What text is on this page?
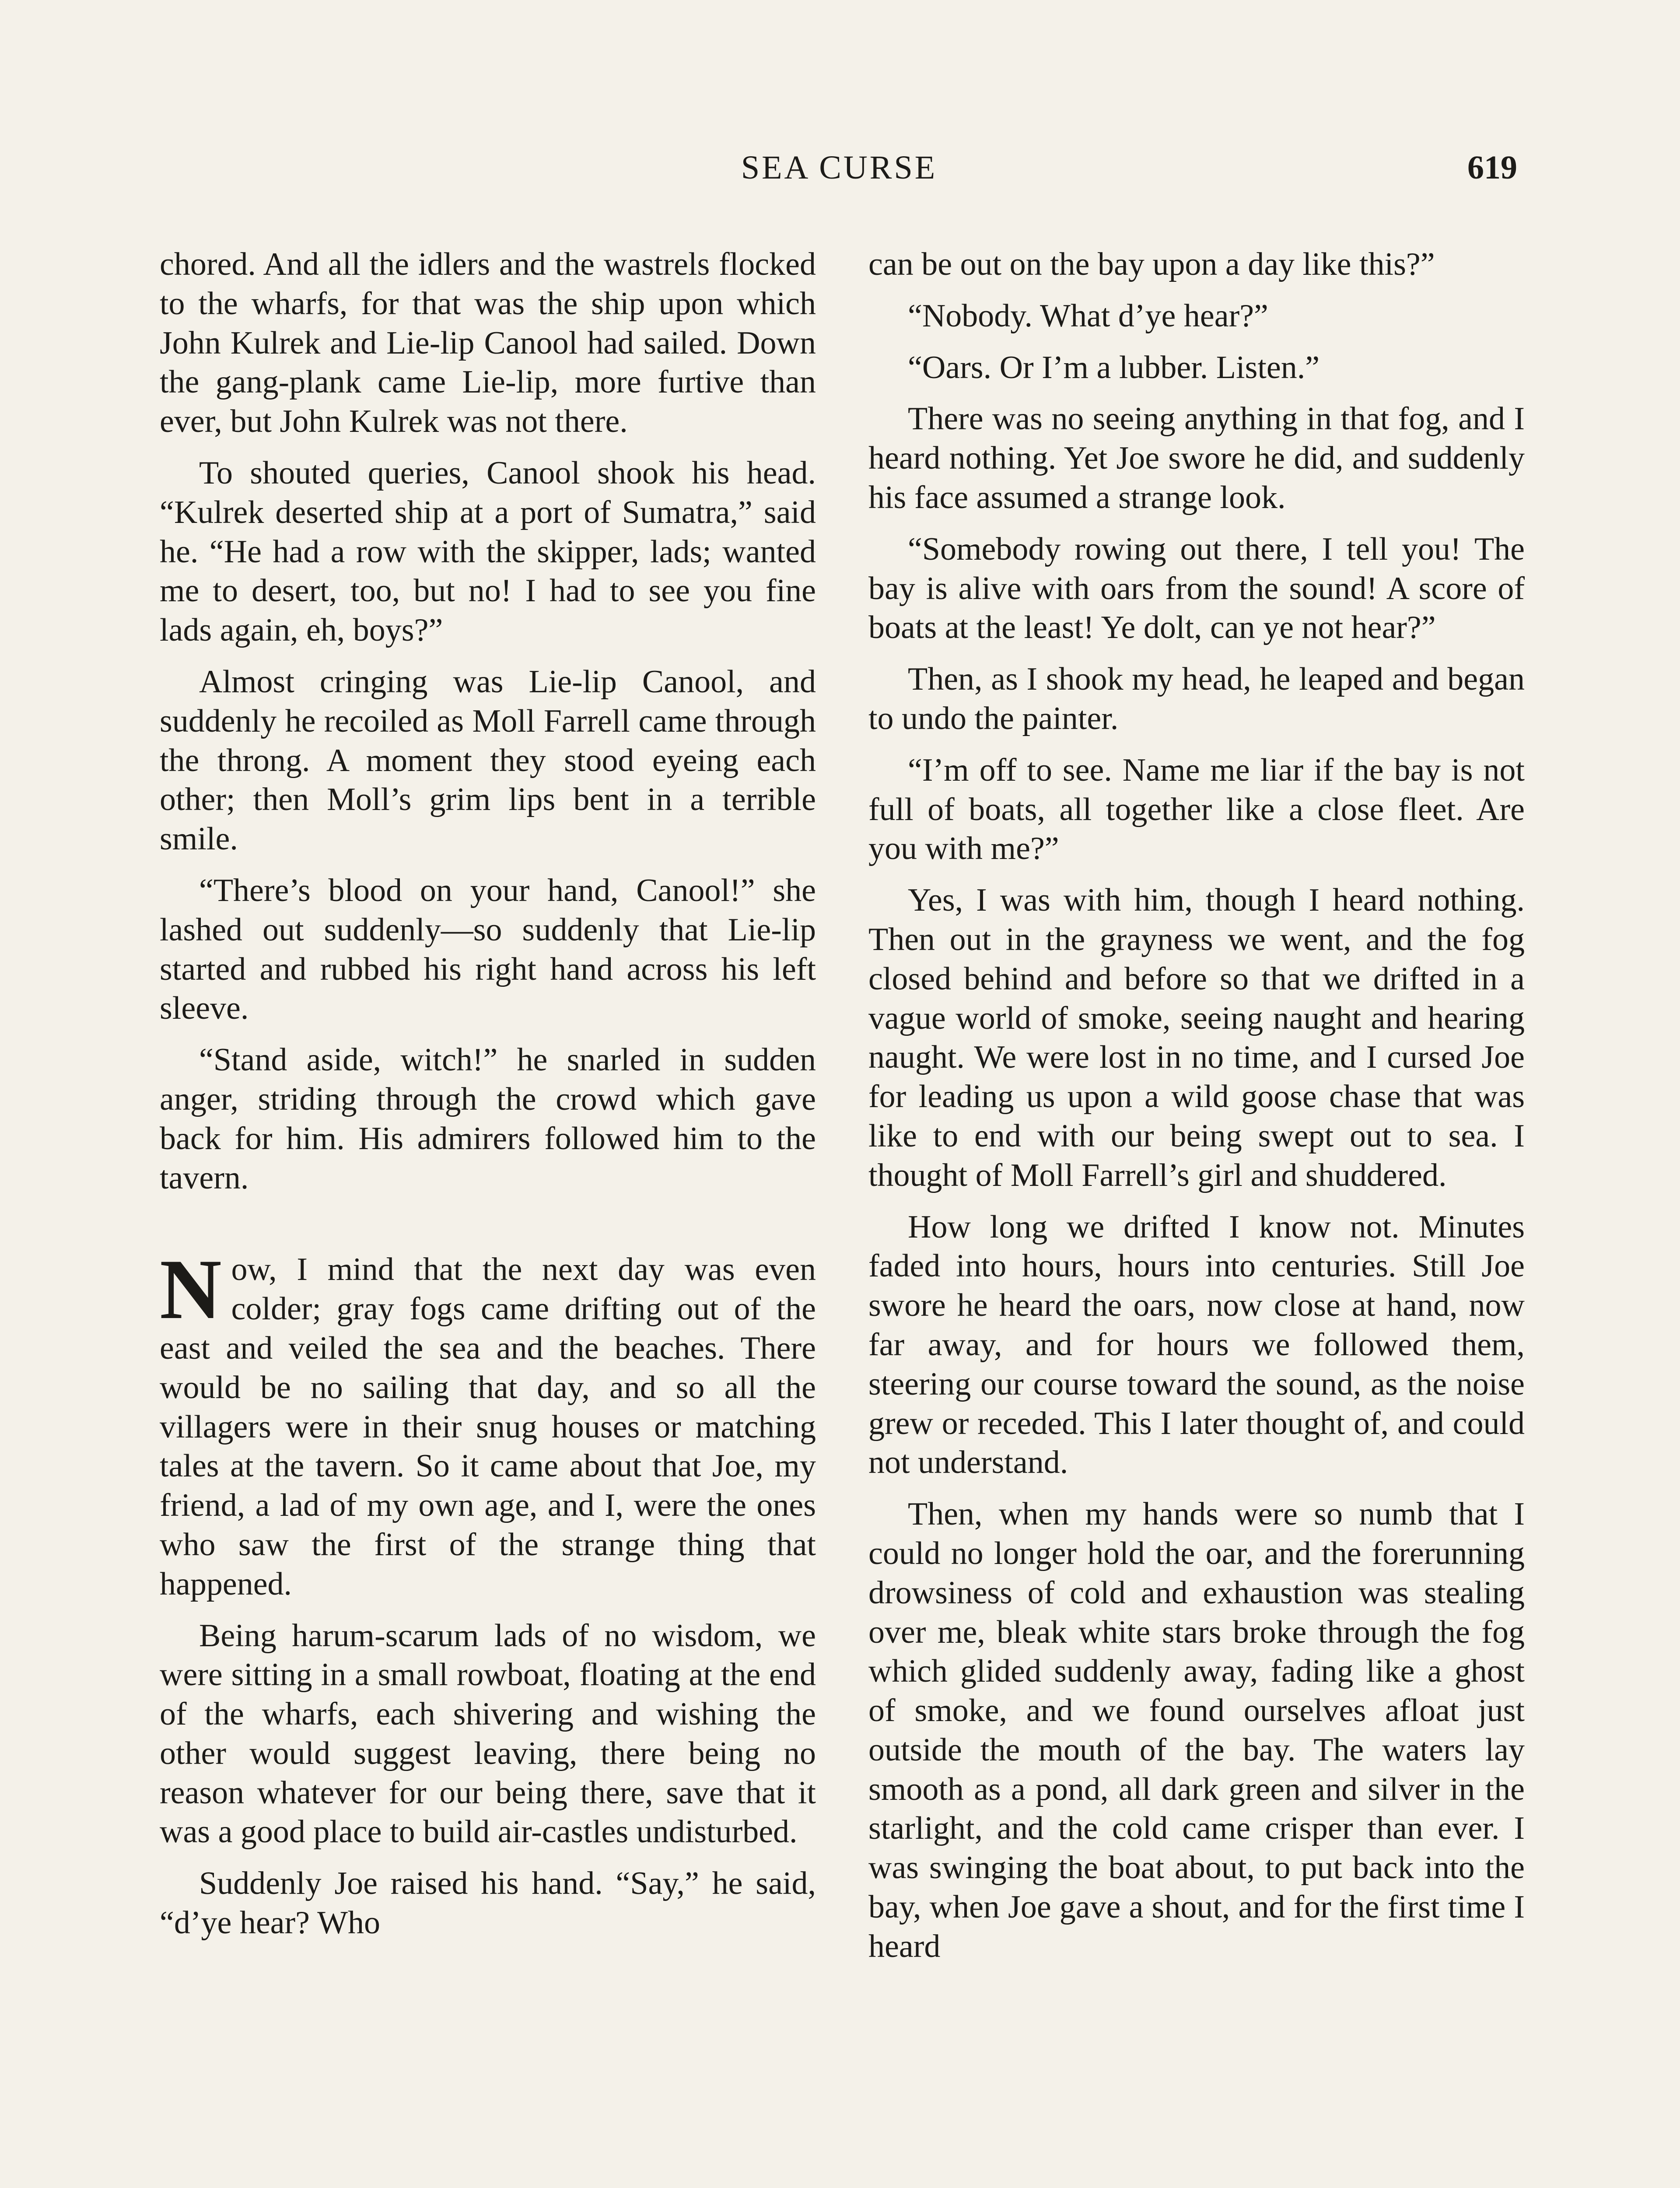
SEA CURSE	619

chored. And all the idlers and the wastrels flocked to the wharfs, for that was the ship upon which John Kulrek and Lie-lip Canool had sailed. Down the gang-plank came Lie-lip, more furtive than ever, but John Kulrek was not there.

To shouted queries, Canool shook his head. “Kulrek deserted ship at a port of Sumatra,” said he. “He had a row with the skipper, lads; wanted me to desert, too, but no! I had to see you fine lads again, eh, boys?”

Almost cringing was Lie-lip Canool, and suddenly he recoiled as Moll Farrell came through the throng. A moment they stood eyeing each other; then Moll’s grim lips bent in a terrible smile.

“There’s blood on your hand, Canool!” she lashed out suddenly—so suddenly that Lie-lip started and rubbed his right hand across his left sleeve.

“Stand aside, witch!” he snarled in sudden anger, striding through the crowd which gave back for him. His admirers followed him to the tavern.

Now, I mind that the next day was even colder; gray fogs came drifting out of the east and veiled the sea and the beaches. There would be no sailing that day, and so all the villagers were in their snug houses or matching tales at the tavern. So it came about that Joe, my friend, a lad of my own age, and I, were the ones who saw the first of the strange thing that happened.

Being harum-scarum lads of no wisdom, we were sitting in a small rowboat, floating at the end of the wharfs, each shivering and wishing the other would suggest leaving, there being no reason whatever for our being there, save that it was a good place to build air-castles undisturbed.

Suddenly Joe raised his hand. “Say,” he said, “d’ye hear? Who

can be out on the bay upon a day like this?”

“Nobody. What d’ye hear?”

“Oars. Or I’m a lubber. Listen.”

There was no seeing anything in that fog, and I heard nothing. Yet Joe swore he did, and suddenly his face assumed a strange look.

“Somebody rowing out there, I tell you! The bay is alive with oars from the sound! A score of boats at the least! Ye dolt, can ye not hear?”

Then, as I shook my head, he leaped and began to undo the painter.

“I’m off to see. Name me liar if the bay is not full of boats, all together like a close fleet. Are you with me?”

Yes, I was with him, though I heard nothing. Then out in the grayness we went, and the fog closed behind and before so that we drifted in a vague world of smoke, seeing naught and hearing naught. We were lost in no time, and I cursed Joe for leading us upon a wild goose chase that was like to end with our being swept out to sea. I thought of Moll Farrell’s girl and shuddered.

How long we drifted I know not. Minutes faded into hours, hours into centuries. Still Joe swore he heard the oars, now close at hand, now far away, and for hours we followed them, steering our course toward the sound, as the noise grew or receded. This I later thought of, and could not understand.

Then, when my hands were so numb that I could no longer hold the oar, and the forerunning drowsiness of cold and exhaustion was stealing over me, bleak white stars broke through the fog which glided suddenly away, fading like a ghost of smoke, and we found ourselves afloat just outside the mouth of the bay. The waters lay smooth as a pond, all dark green and silver in the starlight, and the cold came crisper than ever. I was swinging the boat about, to put back into the bay, when Joe gave a shout, and for the first time I heard
